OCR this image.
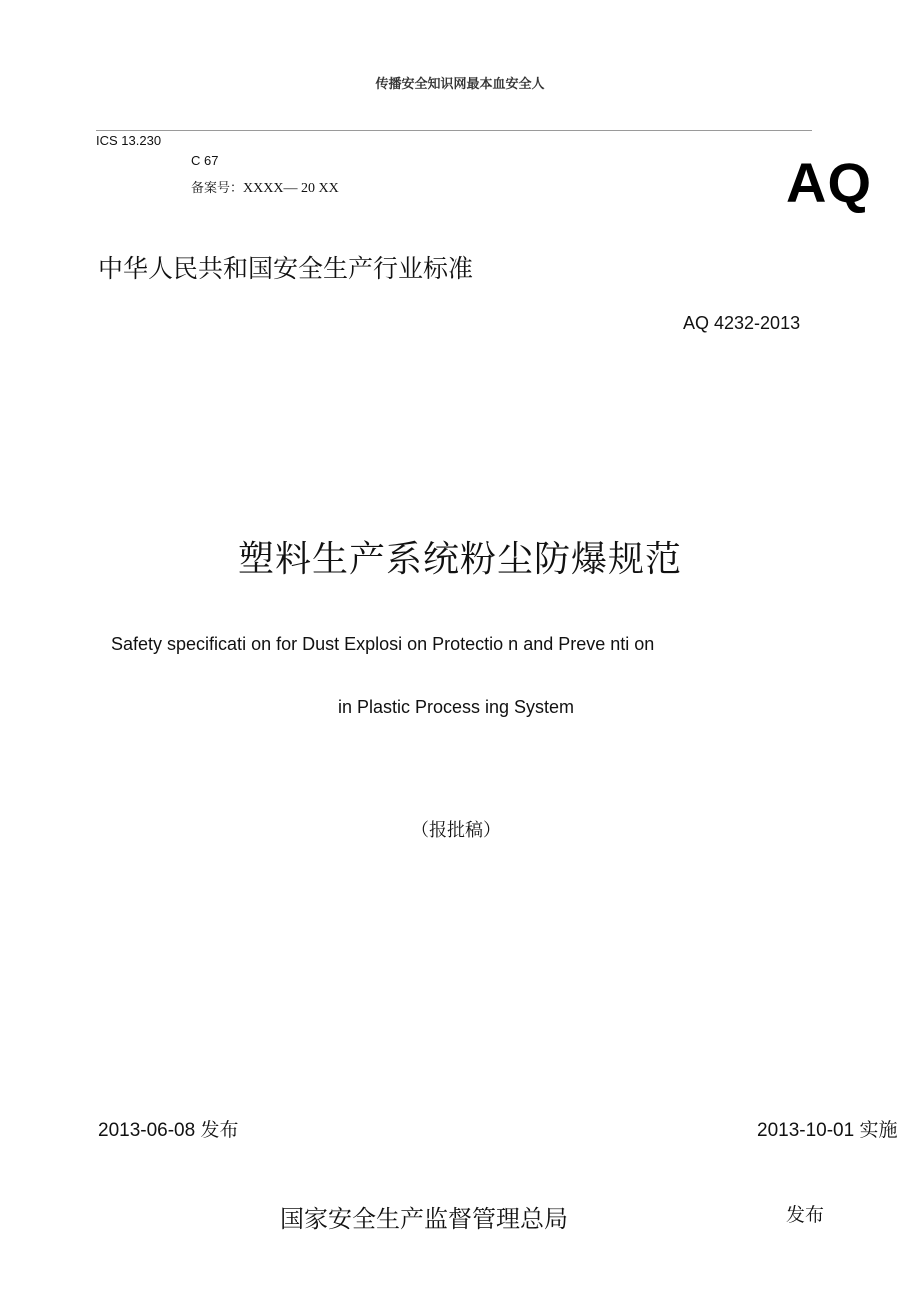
传播安全知识网最本血安全人
ICS 13.230
C 67
备案号：XXXX— 20 XX	AQ
中华人民共和国安全生产行业标准
AQ 4232-2013
塑料生产系统粉尘防爆规范
Safety specificati on for Dust Explosi on Protectio n and Preve nti on
in Plastic Process ing System
（报批稿）
2013-06-08 发布	2013-10-01 实施
国家安全生产监督管理总局	发布
